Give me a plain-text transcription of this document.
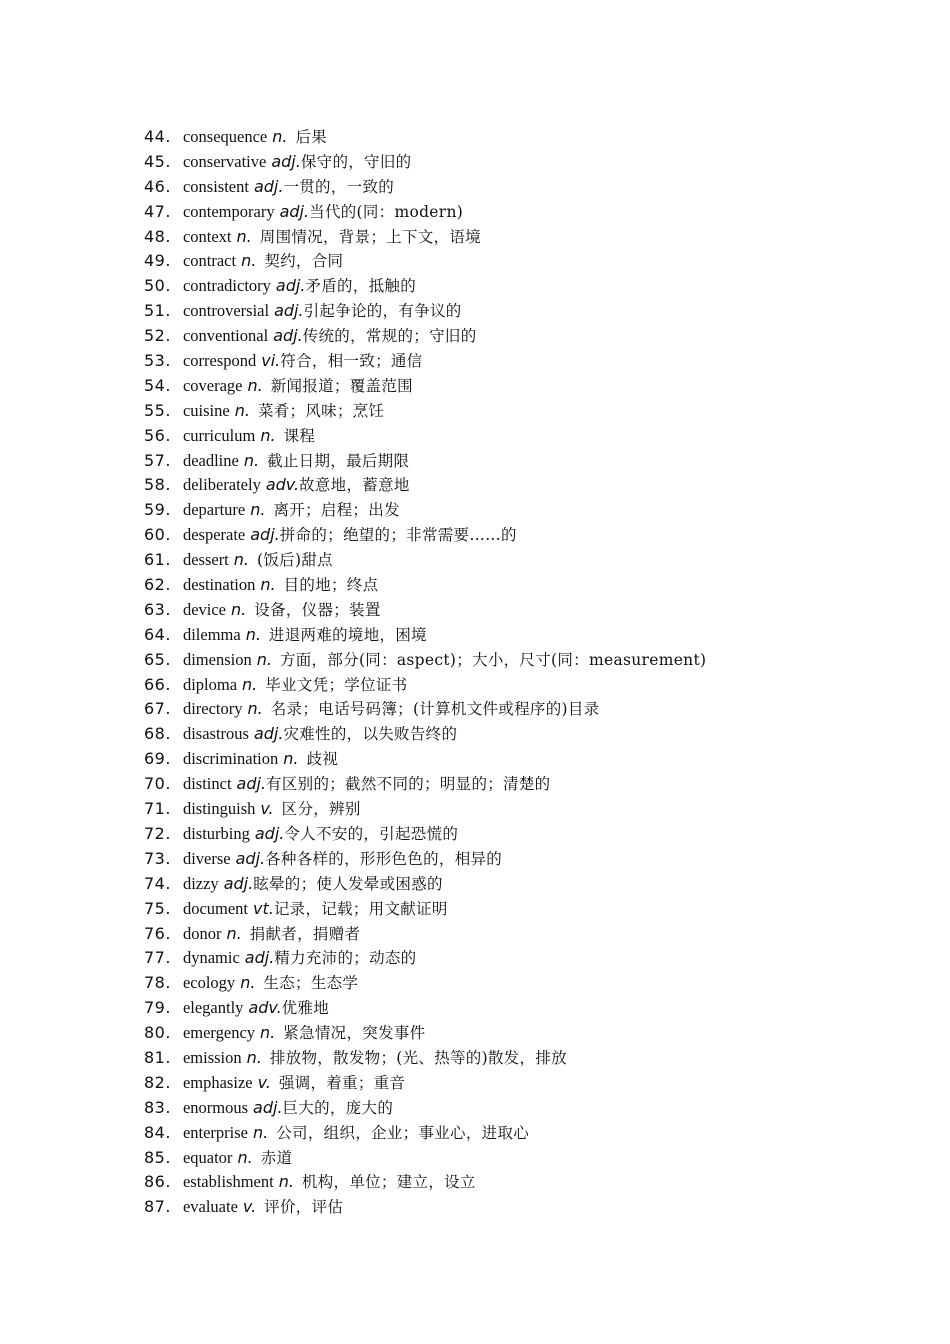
44. consequence n. 后果
45. conservative adj.保守的，守旧的
46. consistent adj.一贯的，一致的
47. contemporary adj.当代的(同：modern)
48. context n. 周围情况，背景；上下文，语境
49. contract n. 契约，合同
50. contradictory adj.矛盾的，抵触的
51. controversial adj.引起争论的，有争议的
52. conventional adj.传统的，常规的；守旧的
53. correspond vi.符合，相一致；通信
54. coverage n. 新闻报道；覆盖范围
55. cuisine n. 菜肴；风味；烹饪
56. curriculum n. 课程
57. deadline n. 截止日期，最后期限
58. deliberately adv.故意地，蓄意地
59. departure n. 离开；启程；出发
60. desperate adj.拼命的；绝望的；非常需要……的
61. dessert n. (饭后)甜点
62. destination n. 目的地；终点
63. device n. 设备，仪器；装置
64. dilemma n. 进退两难的境地，困境
65. dimension n. 方面，部分(同：aspect)；大小，尺寸(同：measurement)
66. diploma n. 毕业文凭；学位证书
67. directory n. 名录；电话号码簿；(计算机文件或程序的)目录
68. disastrous adj.灾难性的，以失败告终的
69. discrimination n. 歧视
70. distinct adj.有区别的；截然不同的；明显的；清楚的
71. distinguish v. 区分，辨别
72. disturbing adj.令人不安的，引起恐慌的
73. diverse adj.各种各样的，形形色色的，相异的
74. dizzy adj.眩晕的；使人发晕或困惑的
75. document vt.记录，记载；用文献证明
76. donor n. 捐献者，捐赠者
77. dynamic adj.精力充沛的；动态的
78. ecology n. 生态；生态学
79. elegantly adv.优雅地
80. emergency n. 紧急情况，突发事件
81. emission n. 排放物，散发物；(光、热等的)散发，排放
82. emphasize v. 强调，着重；重音
83. enormous adj.巨大的，庞大的
84. enterprise n. 公司，组织，企业；事业心，进取心
85. equator n. 赤道
86. establishment n. 机构，单位；建立，设立
87. evaluate v. 评价，评估
